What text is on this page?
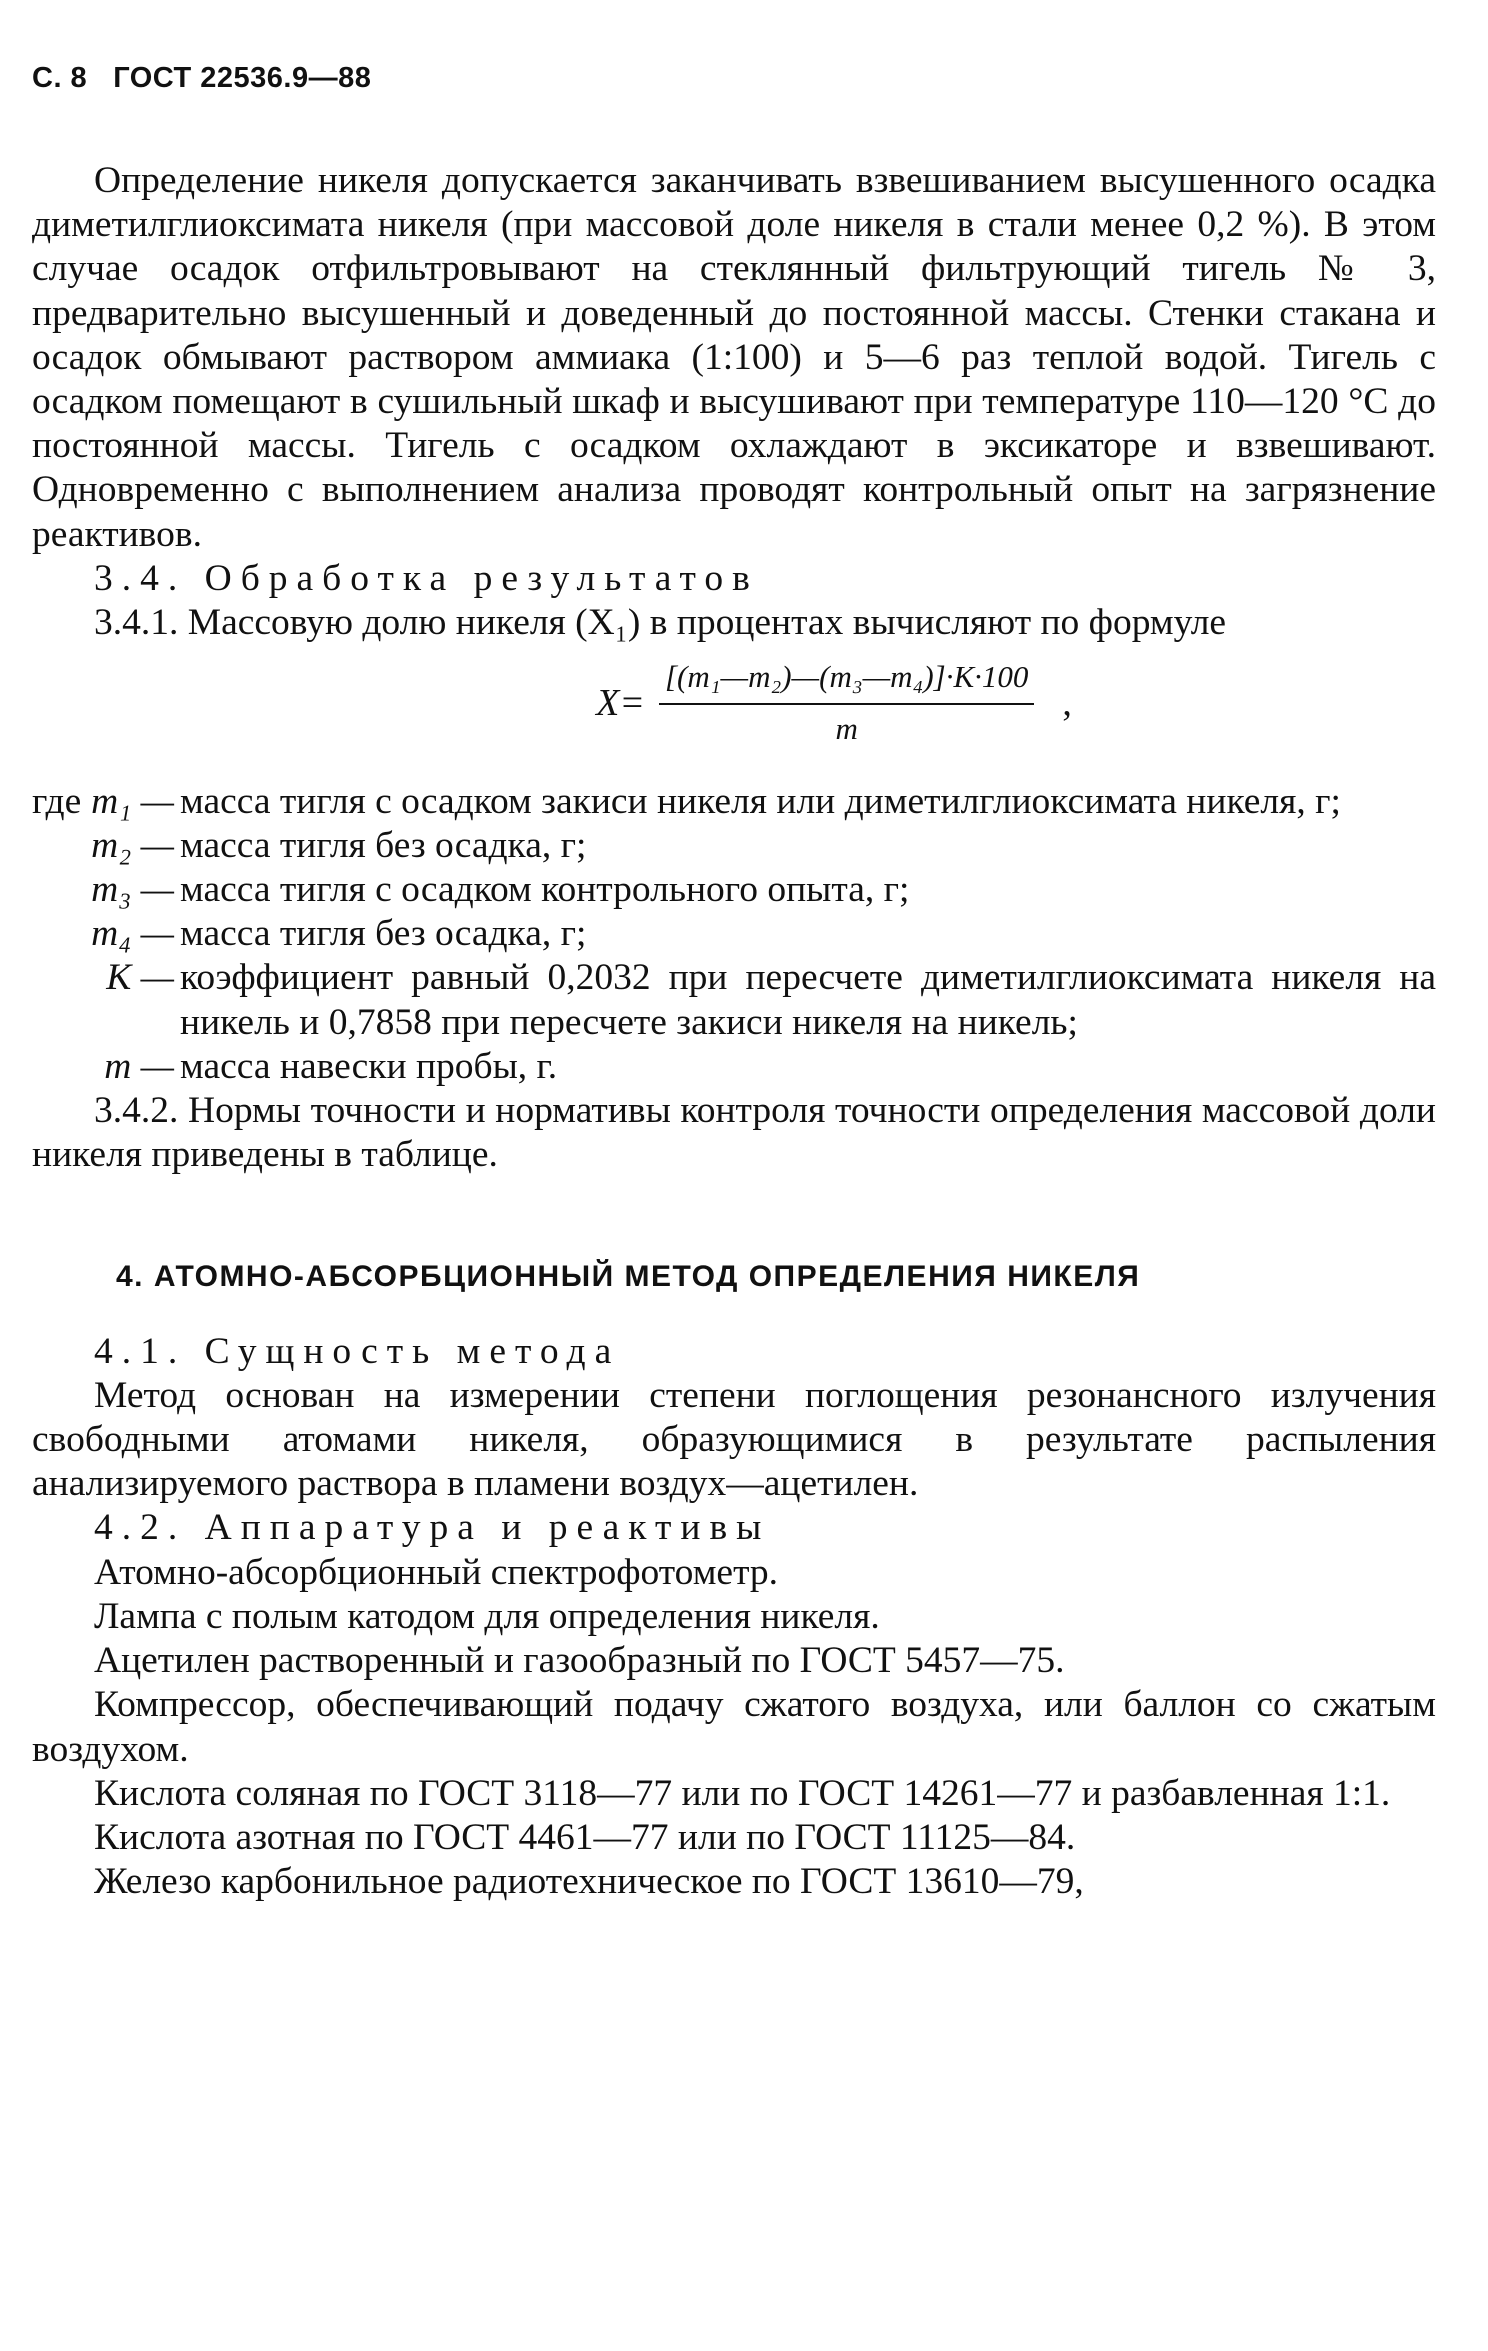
С. 8 ГОСТ 22536.9—88
Определение никеля допускается заканчивать взвешиванием высушенного осадка диметилглиоксимата никеля (при массовой доле никеля в стали менее 0,2 %). В этом случае осадок отфильтровывают на стеклянный фильтрующий тигель № 3, предварительно высушенный и доведенный до постоянной массы. Стенки стакана и осадок обмывают раствором аммиака (1:100) и 5—6 раз теплой водой. Тигель с осадком помещают в сушильный шкаф и высушивают при температуре 110—120 °С до постоянной массы. Тигель с осадком охлаждают в эксикаторе и взвешивают. Одновременно с выполнением анализа проводят контрольный опыт на загрязнение реактивов.
3.4. Обработка результатов
3.4.1. Массовую долю никеля (X₁) в процентах вычисляют по формуле
$X= \frac{\text{[(m₁—m₂)—(m₃—m₄)]·K·100}}{m}$ ,
где m₁ — масса тигля с осадком закиси никеля или диметилглиоксимата никеля, г;
m₂ — масса тигля без осадка, г;
m₃ — масса тигля с осадком контрольного опыта, г;
m₄ — масса тигля без осадка, г;
K — коэффициент равный 0,2032 при пересчете диметилглиоксимата никеля на никель и 0,7858 при пересчете закиси никеля на никель;
m — масса навески пробы, г.
3.4.2. Нормы точности и нормативы контроля точности определения массовой доли никеля приведены в таблице.
4. АТОМНО-АБСОРБЦИОННЫЙ МЕТОД ОПРЕДЕЛЕНИЯ НИКЕЛЯ
4.1. Сущность метода
Метод основан на измерении степени поглощения резонансного излучения свободными атомами никеля, образующимися в результате распыления анализируемого раствора в пламени воздух—ацетилен.
4.2. Аппаратура и реактивы
Атомно-абсорбционный спектрофотометр.
Лампа с полым катодом для определения никеля.
Ацетилен растворенный и газообразный по ГОСТ 5457—75.
Компрессор, обеспечивающий подачу сжатого воздуха, или баллон со сжатым воздухом.
Кислота соляная по ГОСТ 3118—77 или по ГОСТ 14261—77 и разбавленная 1:1.
Кислота азотная по ГОСТ 4461—77 или по ГОСТ 11125—84.
Железо карбонильное радиотехническое по ГОСТ 13610—79,
